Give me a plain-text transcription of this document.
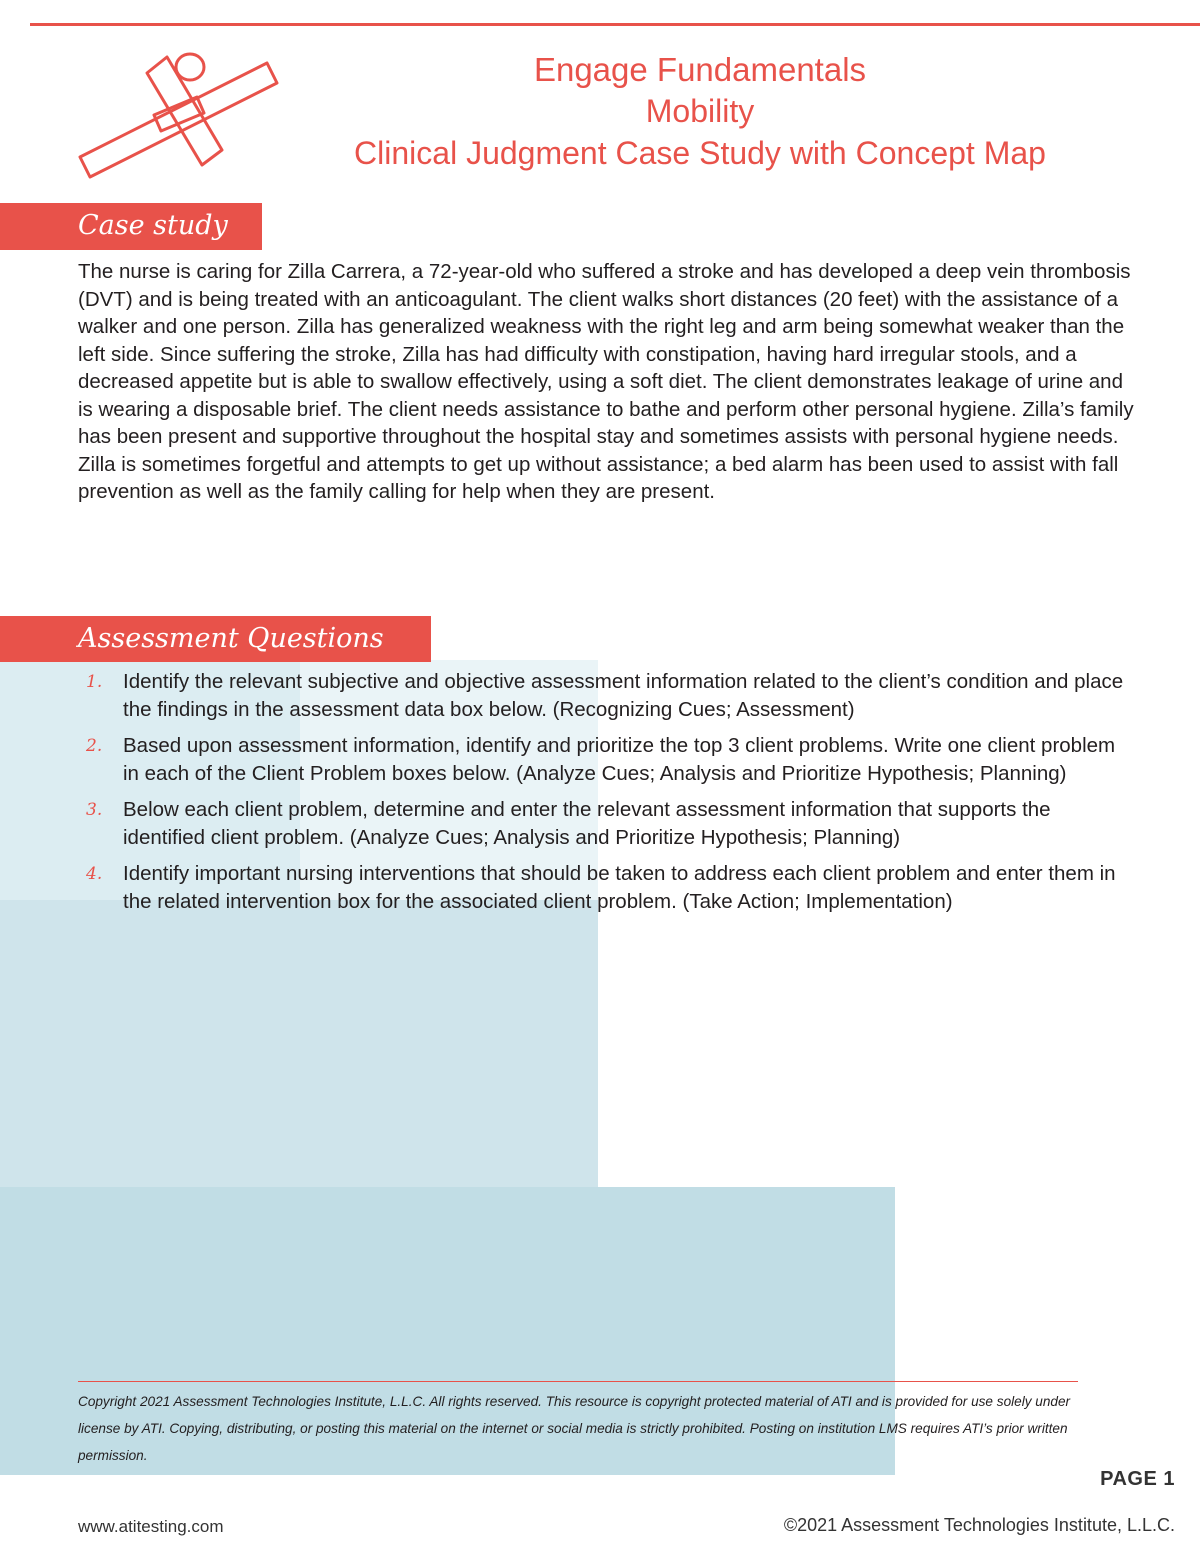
Engage Fundamentals
Mobility
Clinical Judgment Case Study with Concept Map
Case study
The nurse is caring for Zilla Carrera, a 72-year-old who suffered a stroke and has developed a deep vein thrombosis (DVT) and is being treated with an anticoagulant. The client walks short distances (20 feet) with the assistance of a walker and one person. Zilla has generalized weakness with the right leg and arm being somewhat weaker than the left side. Since suffering the stroke, Zilla has had difficulty with constipation, having hard irregular stools, and a decreased appetite but is able to swallow effectively, using a soft diet. The client demonstrates leakage of urine and is wearing a disposable brief. The client needs assistance to bathe and perform other personal hygiene. Zilla’s family has been present and supportive throughout the hospital stay and sometimes assists with personal hygiene needs. Zilla is sometimes forgetful and attempts to get up without assistance; a bed alarm has been used to assist with fall prevention as well as the family calling for help when they are present.
Assessment Questions
1. Identify the relevant subjective and objective assessment information related to the client’s condition and place the findings in the assessment data box below. (Recognizing Cues; Assessment)
2. Based upon assessment information, identify and prioritize the top 3 client problems. Write one client problem in each of the Client Problem boxes below. (Analyze Cues; Analysis and Prioritize Hypothesis; Planning)
3. Below each client problem, determine and enter the relevant assessment information that supports the identified client problem. (Analyze Cues; Analysis and Prioritize Hypothesis; Planning)
4. Identify important nursing interventions that should be taken to address each client problem and enter them in the related intervention box for the associated client problem. (Take Action; Implementation)
Copyright 2021 Assessment Technologies Institute, L.L.C. All rights reserved. This resource is copyright protected material of ATI and is provided for use solely under license by ATI. Copying, distributing, or posting this material on the internet or social media is strictly prohibited. Posting on institution LMS requires ATI’s prior written permission.
PAGE 1
www.atitesting.com	©2021 Assessment Technologies Institute, L.L.C.
